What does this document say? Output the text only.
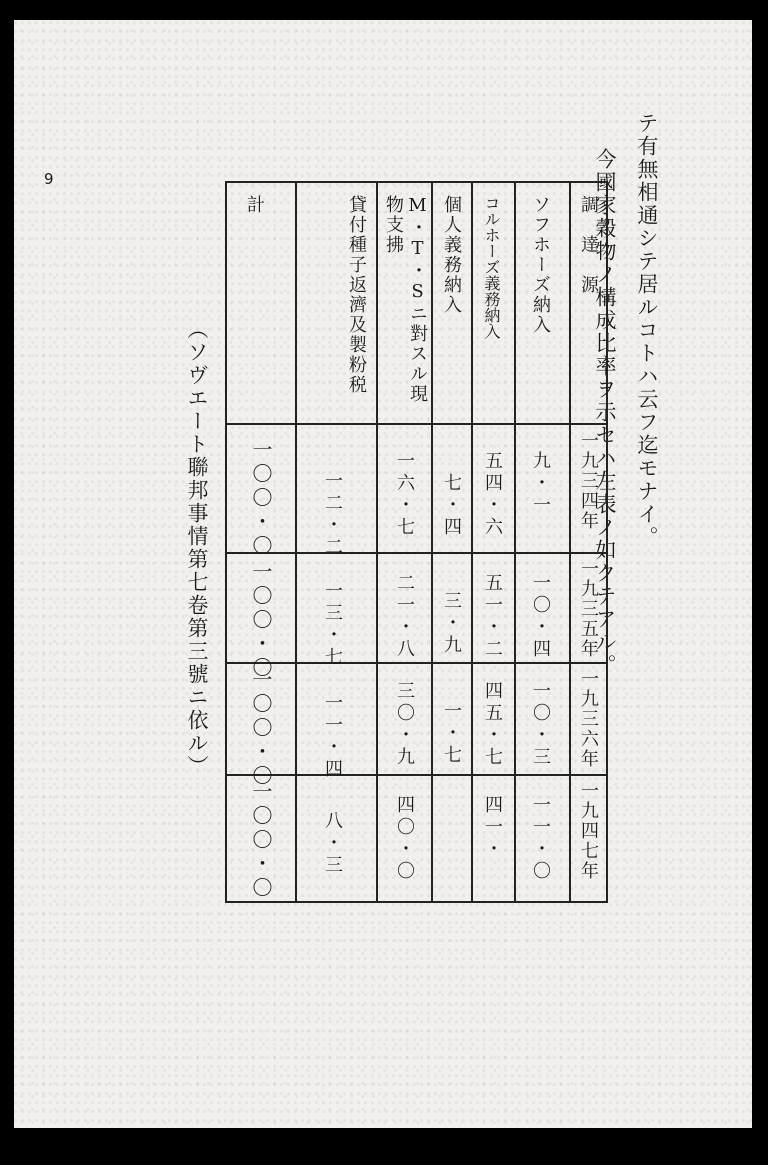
9	テ有無相通シテ居ルコトハ云フ迄モナイ。
今國家穀物ノ構成比率ヲ示セハ左表ノ如クテアル。
調　達　源
一九三四年
一九三五年
一九三六年
一九四七年
ソフホーズ納入
九・一
一〇・四
一〇・三
一一・〇
コルホーズ義務納入
五四・六
五一・二
四五・七
四一・
個人義務納入
七・四
三・九
一・七
M・T・Sニ對スル現物支拂
一六・七
二一・八
三〇・九
四〇・〇
貸付種子返濟及製粉税
一二・二
一三・七
一一・四
八・三
計
一〇〇・〇
一〇〇・〇
一〇〇・〇
一〇〇・〇
（ソヴエート聯邦事情第七卷第三號ニ依ル）
